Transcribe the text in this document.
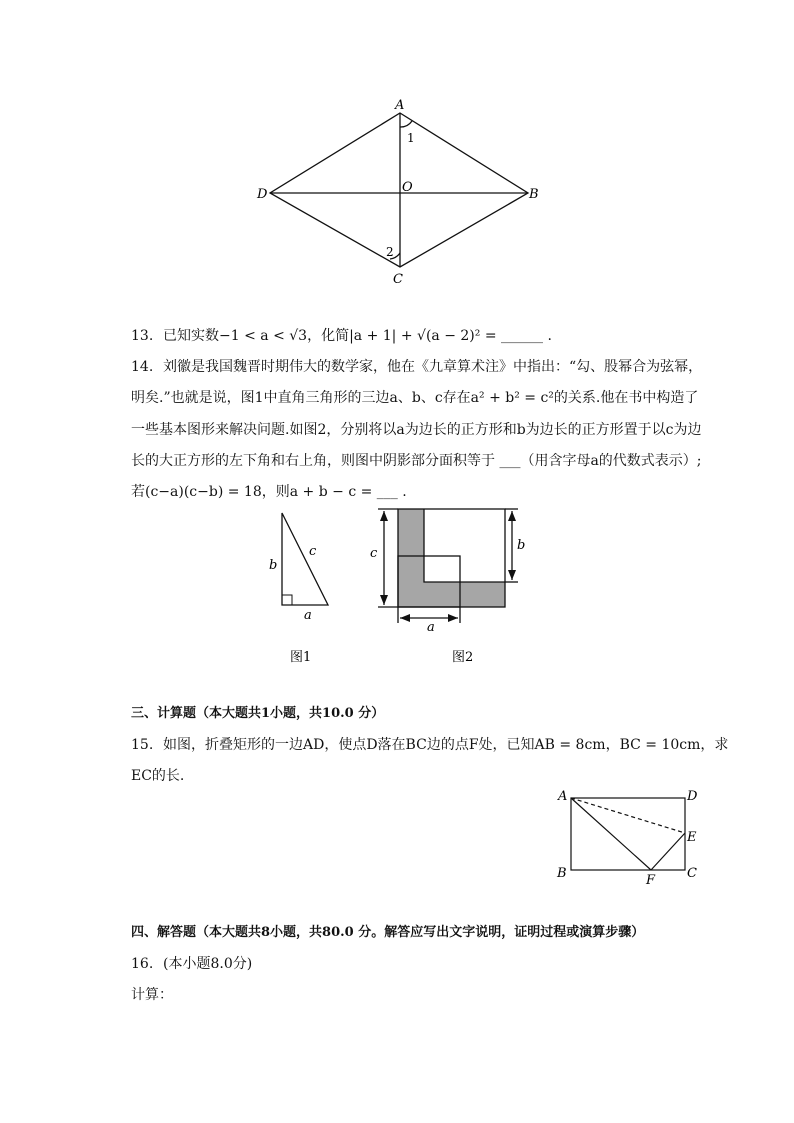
A
B
C
D	O
1
2
13. 已知实数−1 < a < √3，化简|a + 1| + √(a − 2)² = ______ .
14. 刘徽是我国魏晋时期伟大的数学家，他在《九章算术注》中指出：“勾、股幂合为弦幂，
明矣.”也就是说，图1中直角三角形的三边a、b、c存在a² + b² = c²的关系.他在书中构造了
一些基本图形来解决问题.如图2，分别将以a为边长的正方形和b为边长的正方形置于以c为边
长的大正方形的左下角和右上角，则图中阴影部分面积等于 ___（用含字母a的代数式表示）;
若(c−a)(c−b) = 18，则a + b − c = ___ .
b
c
a
图1
c
b
a
图2
三、计算题（本大题共1小题，共10.0 分）
15. 如图，折叠矩形的一边AD，使点D落在BC边的点F处，已知AB = 8cm，BC = 10cm，求
EC的长.
A	D
E
B	F C
四、解答题（本大题共8小题，共80.0 分。解答应写出文字说明，证明过程或演算步骤）
16. (本小题8.0分)
计算：
